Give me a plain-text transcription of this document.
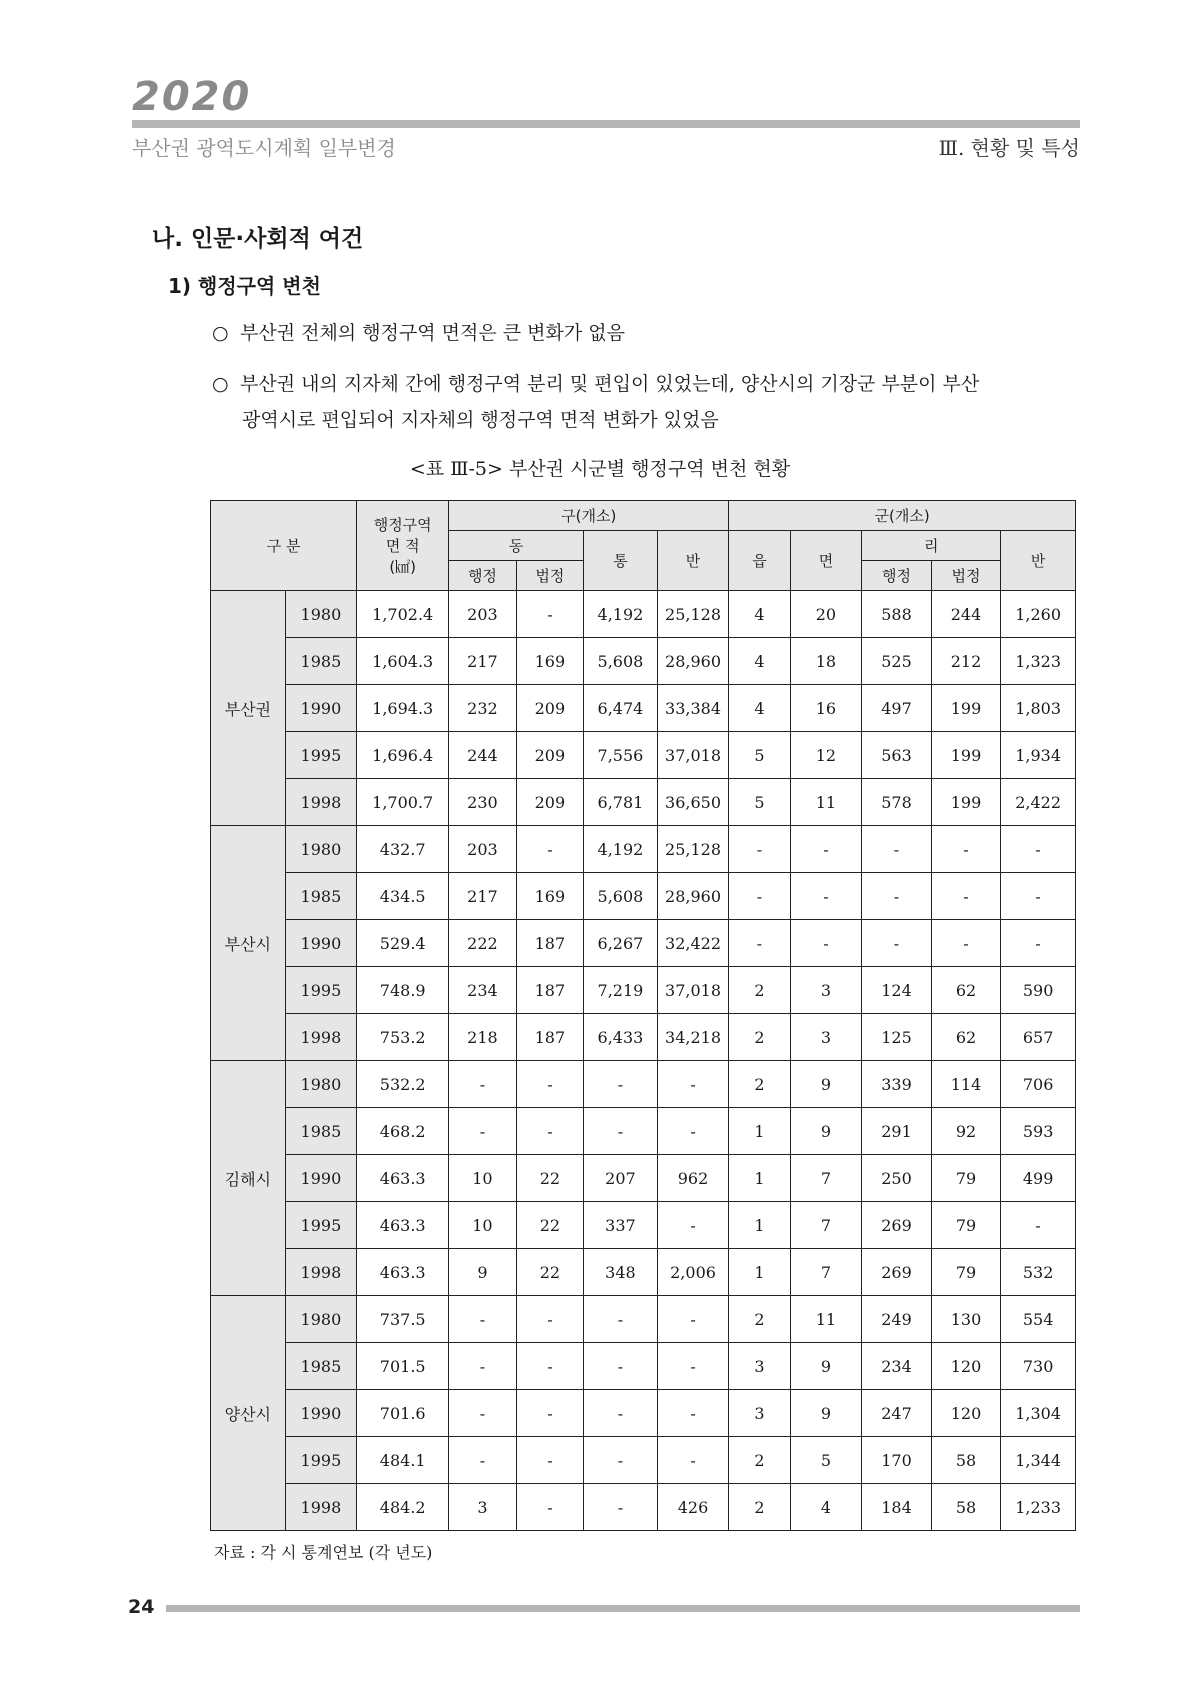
2020
부산권 광역도시계획 일부변경	Ⅲ. 현황 및 특성
나. 인문·사회적 여건
1) 행정구역 변천
○ 부산권 전체의 행정구역 면적은 큰 변화가 없음
○ 부산권 내의 지자체 간에 행정구역 분리 및 편입이 있었는데, 양산시의 기장군 부분이 부산
광역시로 편입되어 지자체의 행정구역 면적 변화가 있었음
<표 Ⅲ-5> 부산권 시군별 행정구역 변천 현황
구 분		행정구역
면 적
(㎢)	구(개소)				군(개소)				
			동		통	반	읍	면	리		반
			행정	법정					행정	법정	
부산권	1980	1,702.4	203	-	4,192	25,128	4	20	588	244	1,260
	1985	1,604.3	217	169	5,608	28,960	4	18	525	212	1,323
	1990	1,694.3	232	209	6,474	33,384	4	16	497	199	1,803
	1995	1,696.4	244	209	7,556	37,018	5	12	563	199	1,934
	1998	1,700.7	230	209	6,781	36,650	5	11	578	199	2,422
부산시	1980	432.7	203	-	4,192	25,128	-	-	-	-	-
	1985	434.5	217	169	5,608	28,960	-	-	-	-	-
	1990	529.4	222	187	6,267	32,422	-	-	-	-	-
	1995	748.9	234	187	7,219	37,018	2	3	124	62	590
	1998	753.2	218	187	6,433	34,218	2	3	125	62	657
김해시	1980	532.2	-	-	-	-	2	9	339	114	706
	1985	468.2	-	-	-	-	1	9	291	92	593
	1990	463.3	10	22	207	962	1	7	250	79	499
	1995	463.3	10	22	337	-	1	7	269	79	-
	1998	463.3	9	22	348	2,006	1	7	269	79	532
양산시	1980	737.5	-	-	-	-	2	11	249	130	554
	1985	701.5	-	-	-	-	3	9	234	120	730
	1990	701.6	-	-	-	-	3	9	247	120	1,304
	1995	484.1	-	-	-	-	2	5	170	58	1,344
	1998	484.2	3	-	-	426	2	4	184	58	1,233
자료 : 각 시 통계연보 (각 년도)
24
